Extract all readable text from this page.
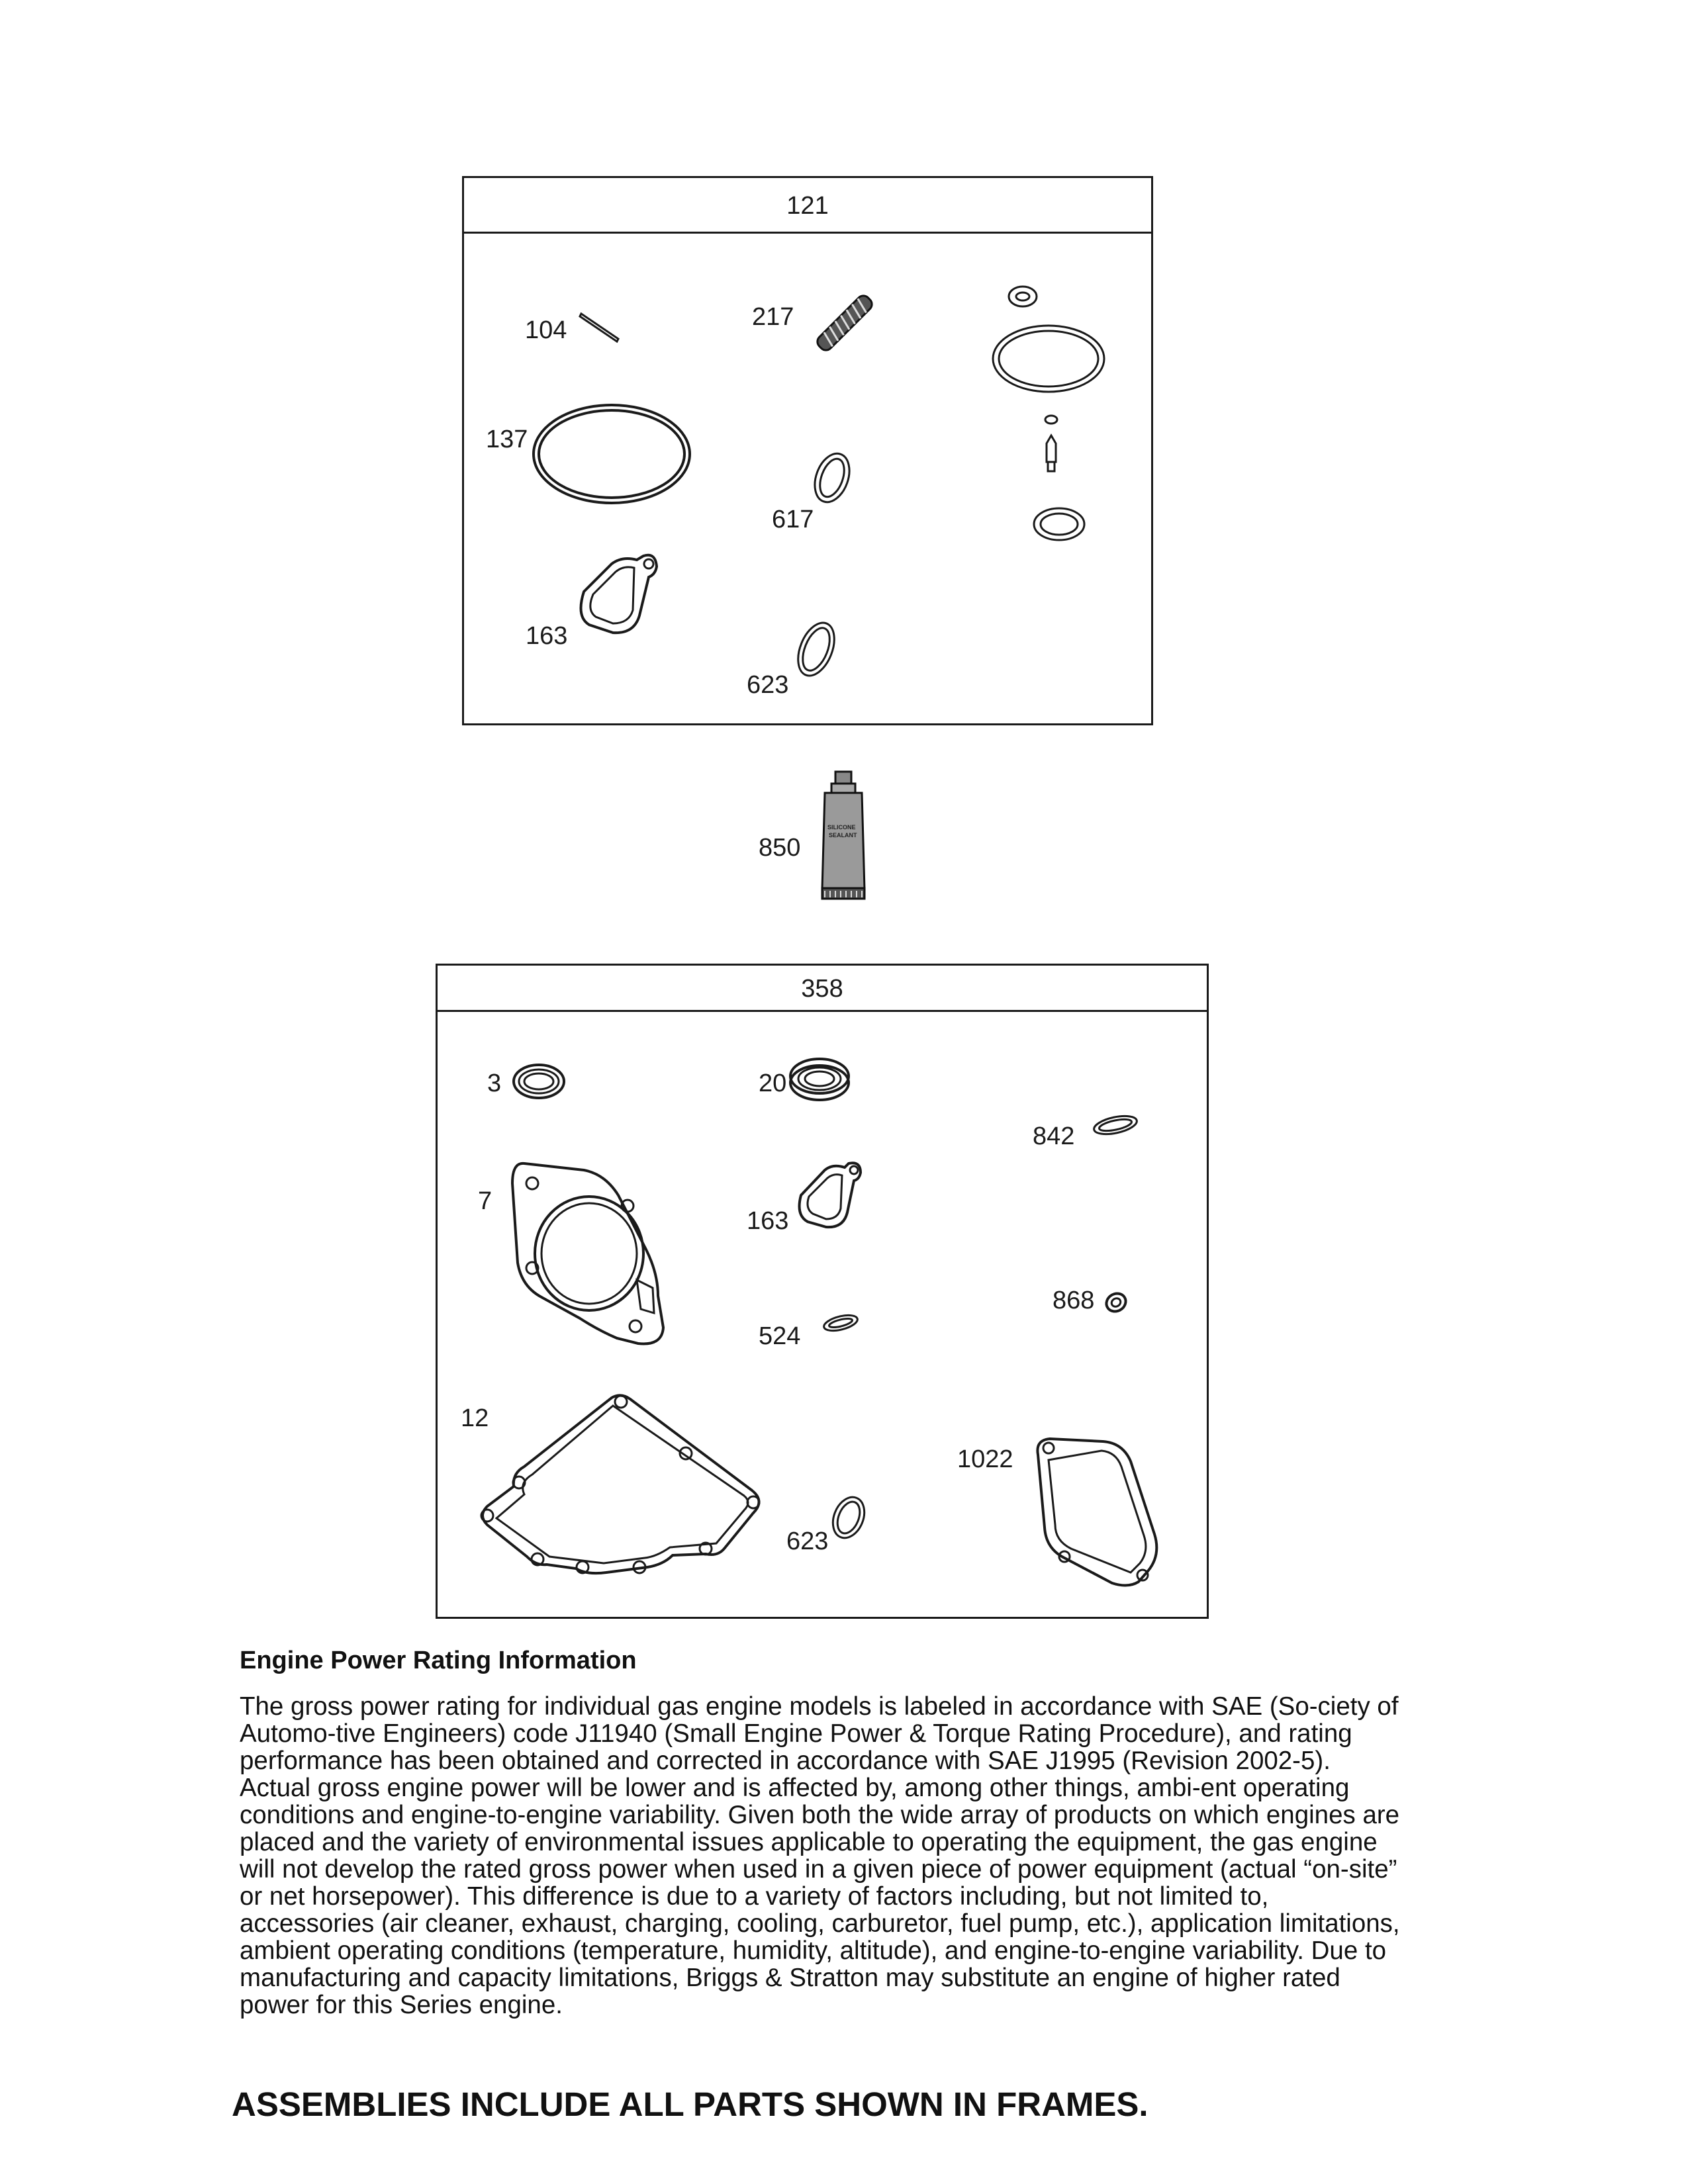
121
104	217
137
617
163
623
850
SILICONE
SEALANT
358
3	20
842
7
163
868
524
12
623
1022
Engine Power Rating Information

The gross power rating for individual gas engine models is labeled in accordance with SAE (So-ciety of Automo-tive Engineers) code J11940 (Small Engine Power & Torque Rating Procedure), and rating performance has been obtained and corrected in accordance with SAE J1995 (Revision 2002-5). Actual gross engine power will be lower and is affected by, among other things, ambi-ent operating conditions and engine-to-engine variability. Given both the wide array of products on which engines are placed and the variety of environmental issues applicable to operating the equipment, the gas engine will not develop the rated gross power when used in a given piece of power equipment (actual “on-site” or net horsepower). This difference is due to a variety of factors including, but not limited to, accessories (air cleaner, exhaust, charging, cooling, carburetor, fuel pump, etc.), application limitations, ambient operating conditions (temperature, humidity, altitude), and engine-to-engine variability. Due to manufacturing and capacity limitations, Briggs & Stratton may substitute an engine of higher rated power for this Series engine.

ASSEMBLIES INCLUDE ALL PARTS SHOWN IN FRAMES.
